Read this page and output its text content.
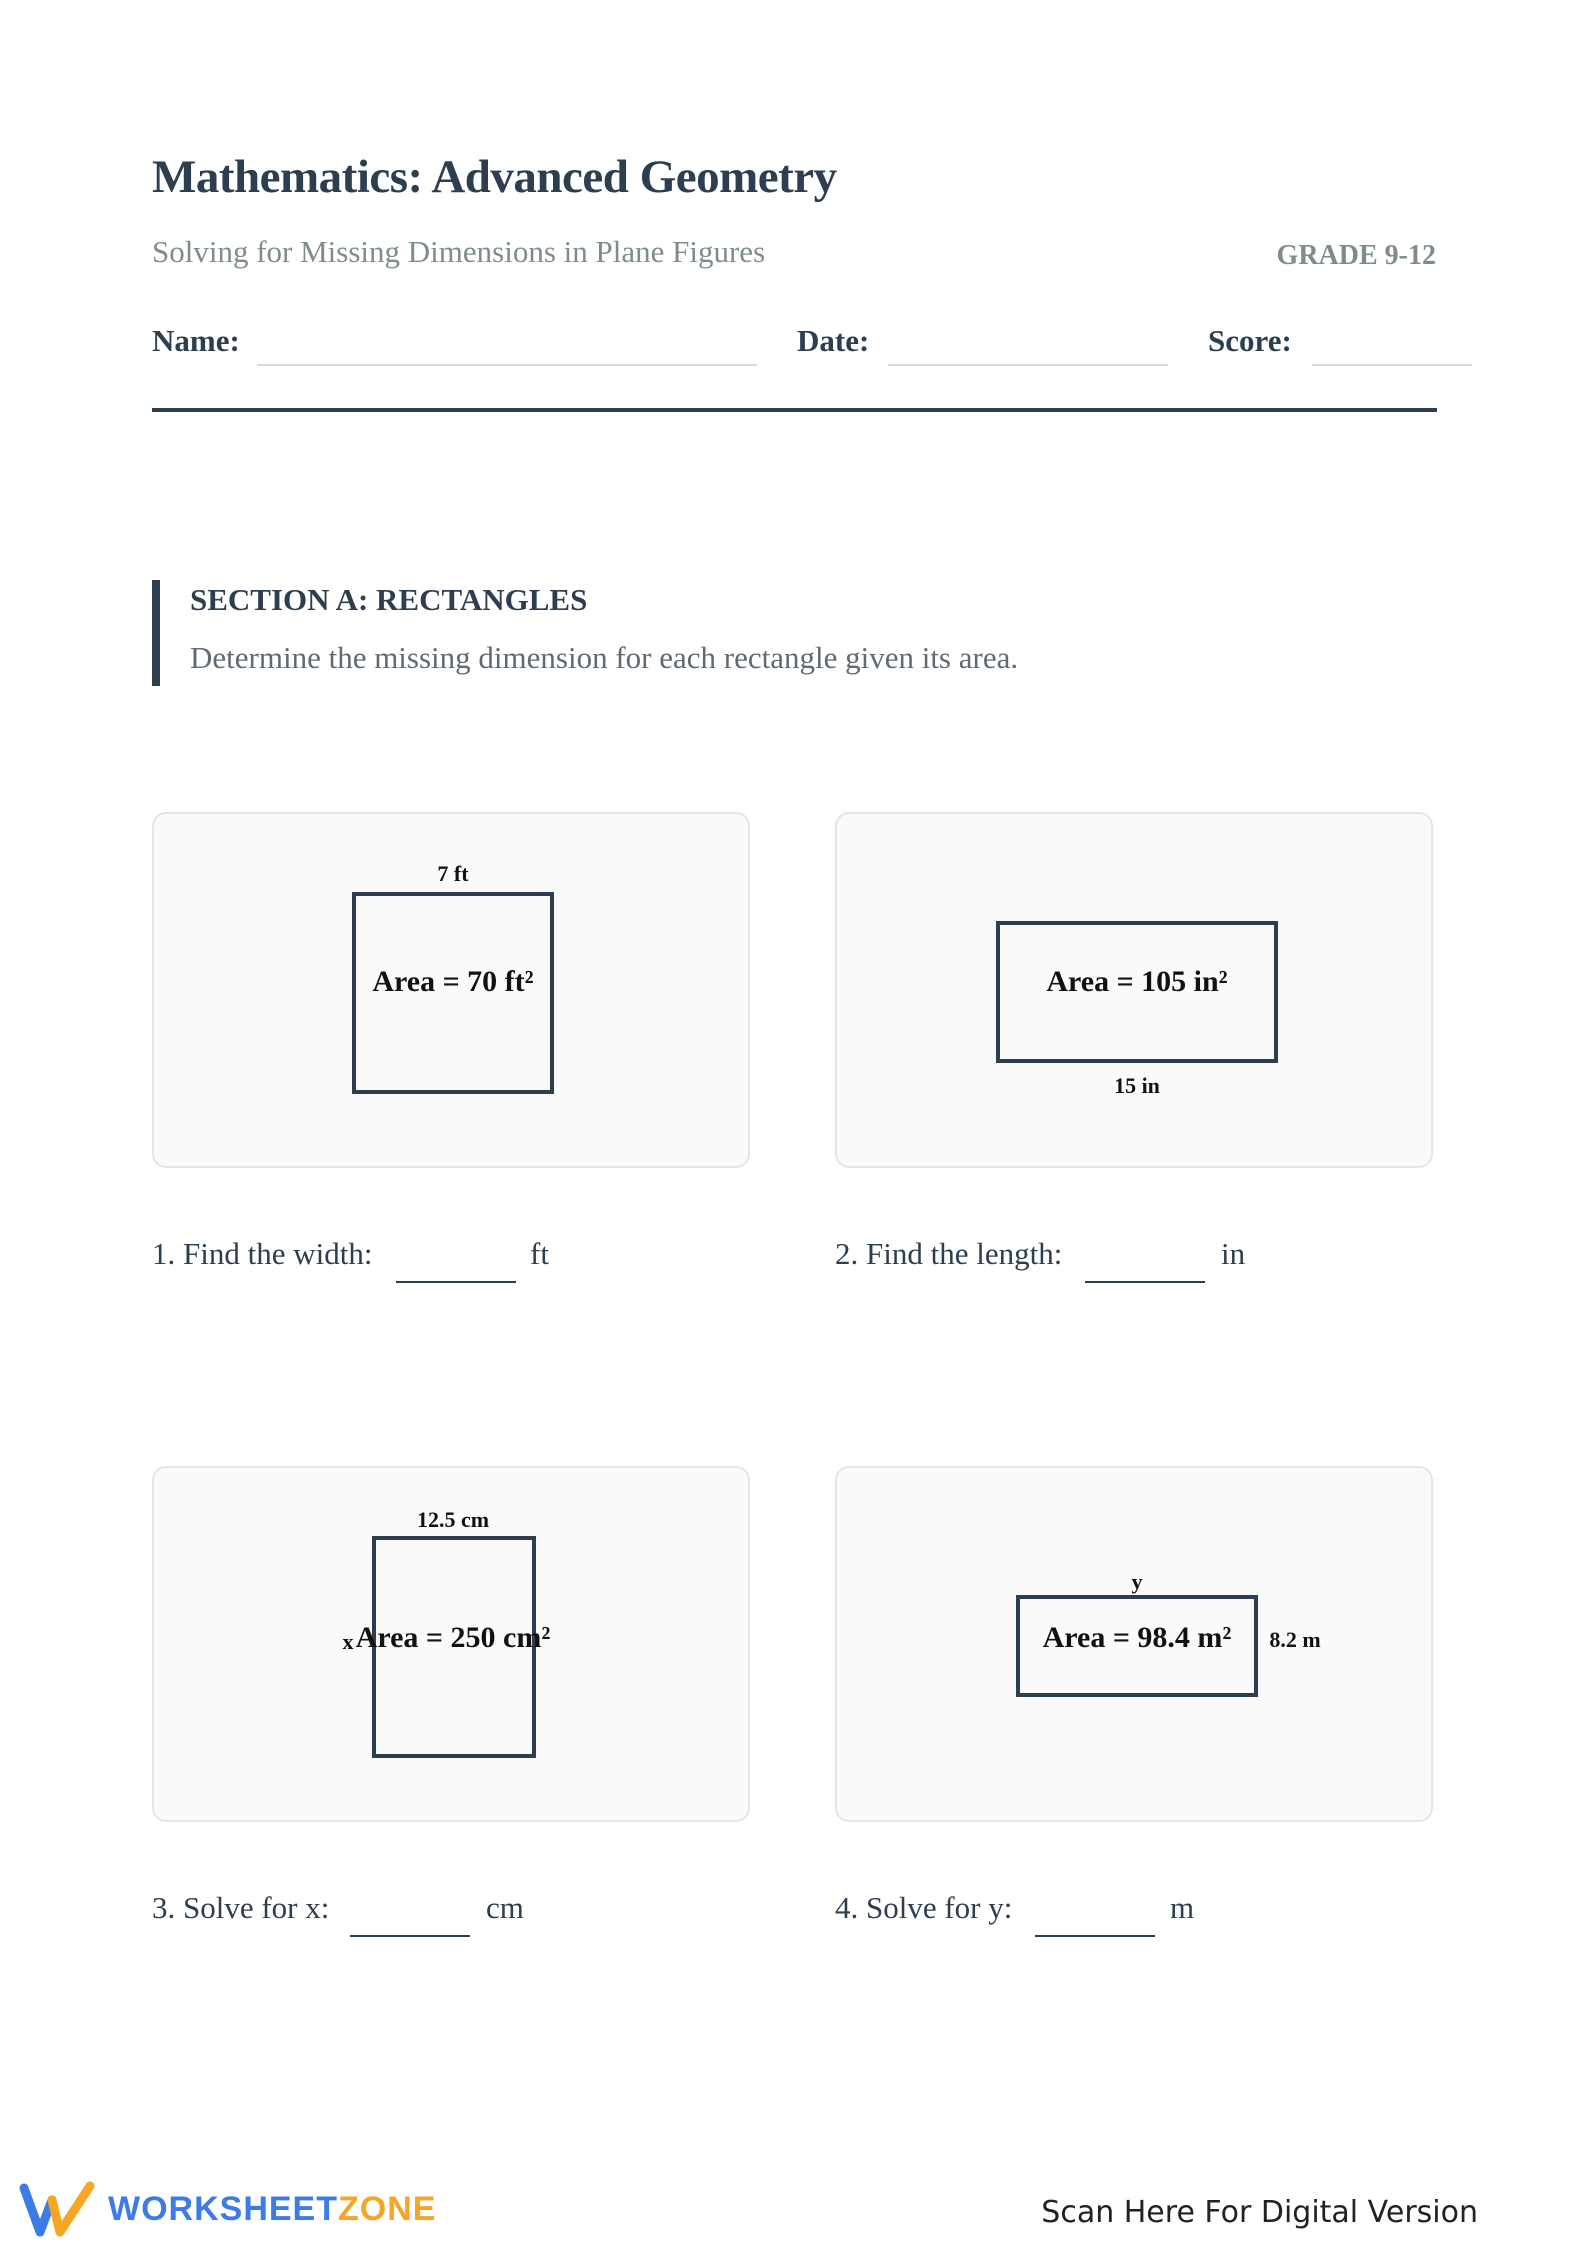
Mathematics: Advanced Geometry
Solving for Missing Dimensions in Plane Figures	GRADE 9-12
Name:	Date:	Score:
SECTION A: RECTANGLES
Determine the missing dimension for each rectangle given its area.
7 ft
Area = 70 ft²
1. Find the width:	ft
Area = 105 in²
15 in
2. Find the length:	in
12.5 cm
x Area = 250 cm²
3. Solve for x:	cm
y
Area = 98.4 m² 8.2 m
4. Solve for y:	m
WORKSHEETZONE	Scan Here For Digital Version
